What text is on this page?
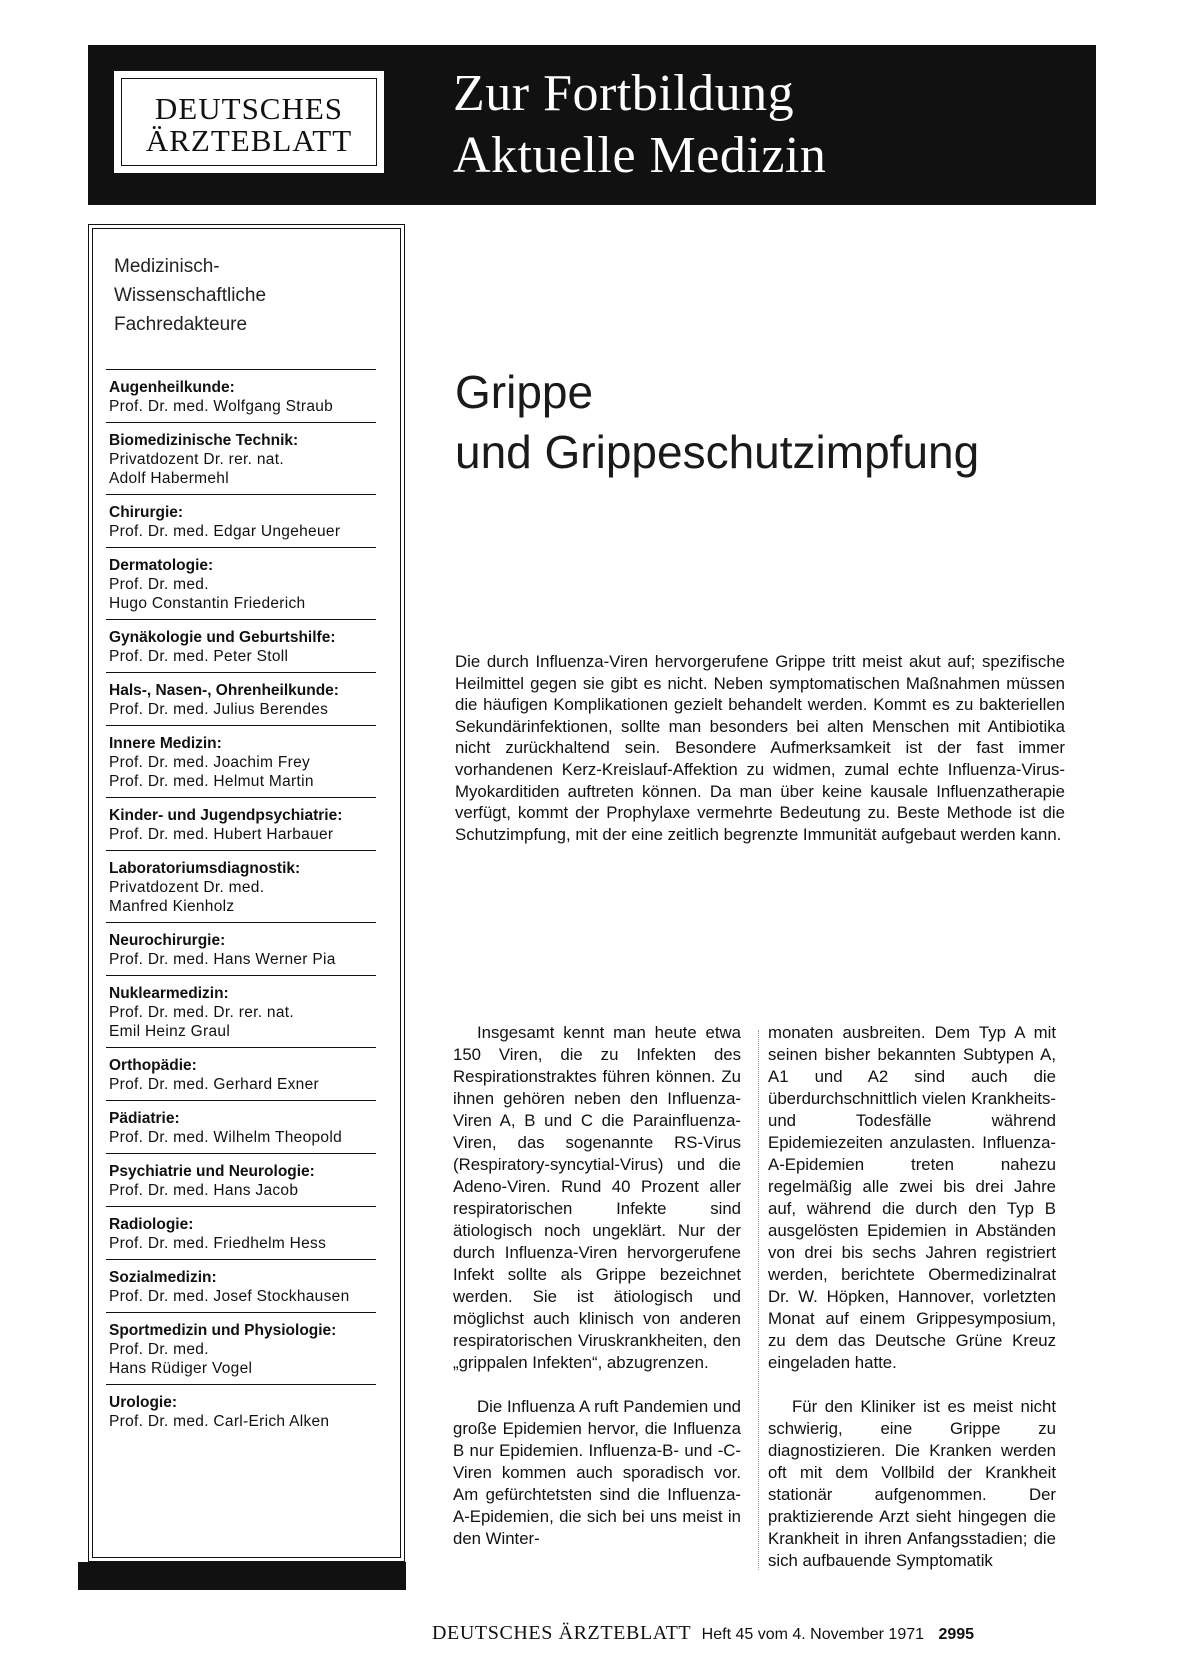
DEUTSCHES
ÄRZTEBLATT
Zur Fortbildung
Aktuelle Medizin
Medizinisch-
Wissenschaftliche
Fachredakteure
Augenheilkunde:
Prof. Dr. med. Wolfgang Straub
Biomedizinische Technik:
Privatdozent Dr. rer. nat.
Adolf Habermehl
Chirurgie:
Prof. Dr. med. Edgar Ungeheuer
Dermatologie:
Prof. Dr. med.
Hugo Constantin Friederich
Gynäkologie und Geburtshilfe:
Prof. Dr. med. Peter Stoll
Hals-, Nasen-, Ohrenheilkunde:
Prof. Dr. med. Julius Berendes
Innere Medizin:
Prof. Dr. med. Joachim Frey
Prof. Dr. med. Helmut Martin
Kinder- und Jugendpsychiatrie:
Prof. Dr. med. Hubert Harbauer
Laboratoriumsdiagnostik:
Privatdozent Dr. med.
Manfred Kienholz
Neurochirurgie:
Prof. Dr. med. Hans Werner Pia
Nuklearmedizin:
Prof. Dr. med. Dr. rer. nat.
Emil Heinz Graul
Orthopädie:
Prof. Dr. med. Gerhard Exner
Pädiatrie:
Prof. Dr. med. Wilhelm Theopold
Psychiatrie und Neurologie:
Prof. Dr. med. Hans Jacob
Radiologie:
Prof. Dr. med. Friedhelm Hess
Sozialmedizin:
Prof. Dr. med. Josef Stockhausen
Sportmedizin und Physiologie:
Prof. Dr. med.
Hans Rüdiger Vogel
Urologie:
Prof. Dr. med. Carl-Erich Alken
Grippe
und Grippeschutzimpfung
Die durch Influenza-Viren hervorgerufene Grippe tritt meist akut auf; spezifische Heilmittel gegen sie gibt es nicht. Neben symptomatischen Maßnahmen müssen die häufigen Komplikationen gezielt behandelt werden. Kommt es zu bakteriellen Sekundärinfektionen, sollte man besonders bei alten Menschen mit Antibiotika nicht zurückhaltend sein. Besondere Aufmerksamkeit ist der fast immer vorhandenen Kerz-Kreislauf-Affektion zu widmen, zumal echte Influenza-Virus-Myokarditiden auftreten können. Da man über keine kausale Influenzatherapie verfügt, kommt der Prophylaxe vermehrte Bedeutung zu. Beste Methode ist die Schutzimpfung, mit der eine zeitlich begrenzte Immunität aufgebaut werden kann.

Insgesamt kennt man heute etwa 150 Viren, die zu Infekten des Respirationstraktes führen können. Zu ihnen gehören neben den Influenza-Viren A, B und C die Parainfluenza-Viren, das sogenannte RS-Virus (Respiratory-syncytial-Virus) und die Adeno-Viren. Rund 40 Prozent aller respiratorischen Infekte sind ätiologisch noch ungeklärt. Nur der durch Influenza-Viren hervorgerufene Infekt sollte als Grippe bezeichnet werden. Sie ist ätiologisch und möglichst auch klinisch von anderen respiratorischen Viruskrankheiten, den „grippalen Infekten“, abzugrenzen.

Die Influenza A ruft Pandemien und große Epidemien hervor, die Influenza B nur Epidemien. Influenza-B- und -C-Viren kommen auch sporadisch vor. Am gefürchtetsten sind die Influenza-A-Epidemien, die sich bei uns meist in den Winter-

monaten ausbreiten. Dem Typ A mit seinen bisher bekannten Subtypen A, A1 und A2 sind auch die überdurchschnittlich vielen Krankheits- und Todesfälle während Epidemiezeiten anzulasten. Influenza-A-Epidemien treten nahezu regelmäßig alle zwei bis drei Jahre auf, während die durch den Typ B ausgelösten Epidemien in Abständen von drei bis sechs Jahren registriert werden, berichtete Obermedizinalrat Dr. W. Höpken, Hannover, vorletzten Monat auf einem Grippesymposium, zu dem das Deutsche Grüne Kreuz eingeladen hatte.

Für den Kliniker ist es meist nicht schwierig, eine Grippe zu diagnostizieren. Die Kranken werden oft mit dem Vollbild der Krankheit stationär aufgenommen. Der praktizierende Arzt sieht hingegen die Krankheit in ihren Anfangsstadien; die sich aufbauende Symptomatik

DEUTSCHES ÄRZTEBLATT Heft 45 vom 4. November 1971 2995
